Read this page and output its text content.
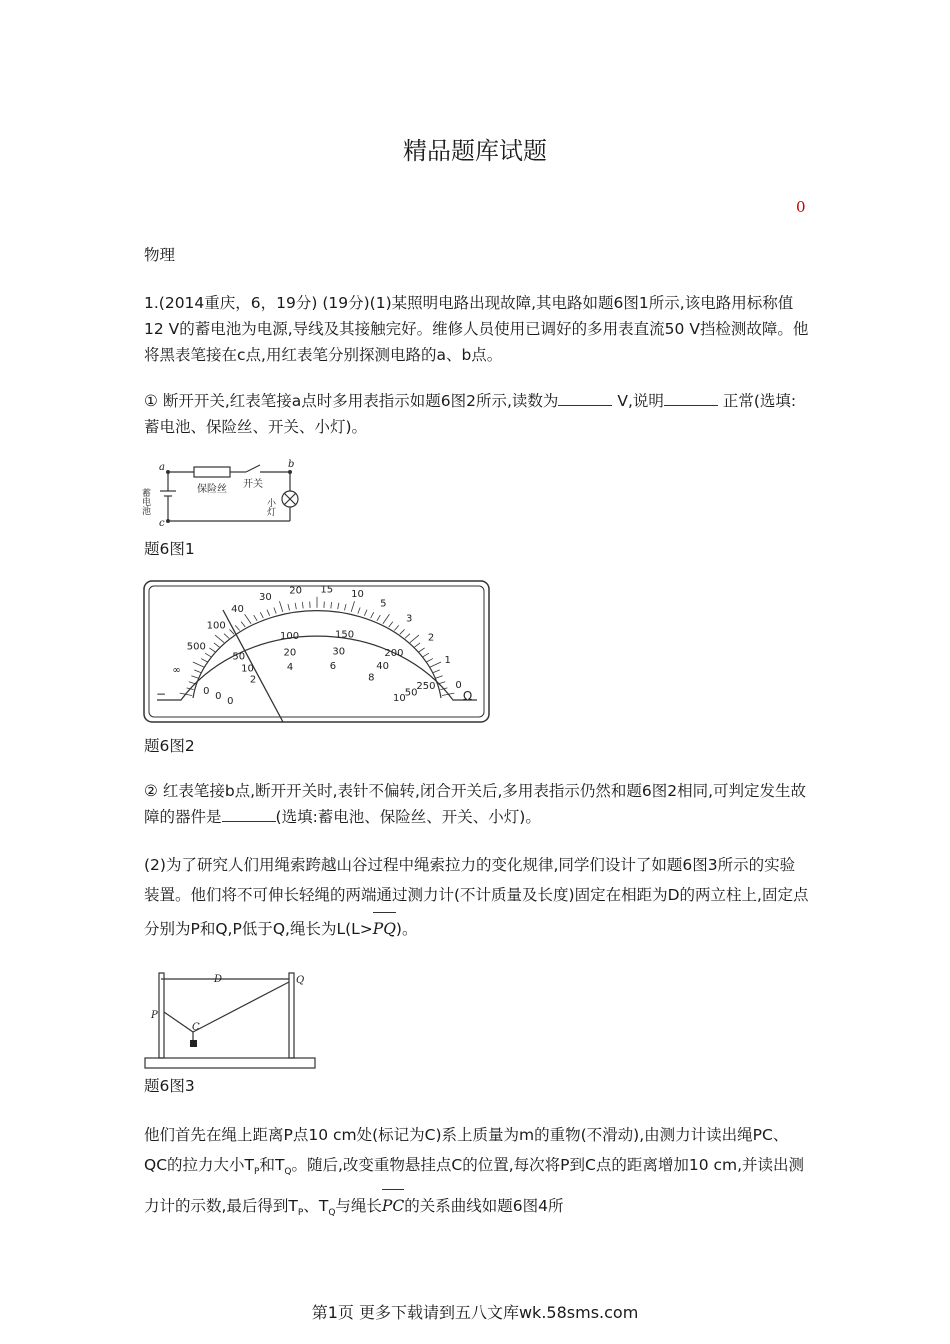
精品题库试题
0

物理

1.(2014重庆，6，19分) (19分)(1)某照明电路出现故障,其电路如题6图1所示,该电路用标称值12 V的蓄电池为电源,导线及其接触完好。维修人员使用已调好的多用表直流50 V挡检测故障。他将黑表笔接在c点,用红表笔分别探测电路的a、b点。

① 断开开关,红表笔接a点时多用表指示如题6图2所示,读数为	V,说明	正常(选填:蓄电池、保险丝、开关、小灯)。

a	b
c
保险丝 开关
蓄电池	小灯
题6图1
∞
500
100
40
30
20 15 10
5
3
2
1
0
0
50
100	150
200
250
0
10
20	30
40
50
0
2
4	6
8
10
−	Ω
题6图2

② 红表笔接b点,断开开关时,表针不偏转,闭合开关后,多用表指示仍然和题6图2相同,可判定发生故障的器件是	(选填:蓄电池、保险丝、开关、小灯)。

(2)为了研究人们用绳索跨越山谷过程中绳索拉力的变化规律,同学们设计了如题6图3所示的实验装置。他们将不可伸长轻绳的两端通过测力计(不计质量及长度)固定在相距为D的两立柱上,固定点分别为P和Q,P低于Q,绳长为L(L>PQ)。

D
P
Q
C
题6图3

他们首先在绳上距离P点10 cm处(标记为C)系上质量为m的重物(不滑动),由测力计读出绳PC、QC的拉力大小$T_P$和$T_Q$。随后,改变重物悬挂点C的位置,每次将P到C点的距离增加10 cm,并读出测力计的示数,最后得到$T_P$、$T_Q$与绳长PC的关系曲线如题6图4所

第1页 更多下载请到五八文库wk.58sms.com
